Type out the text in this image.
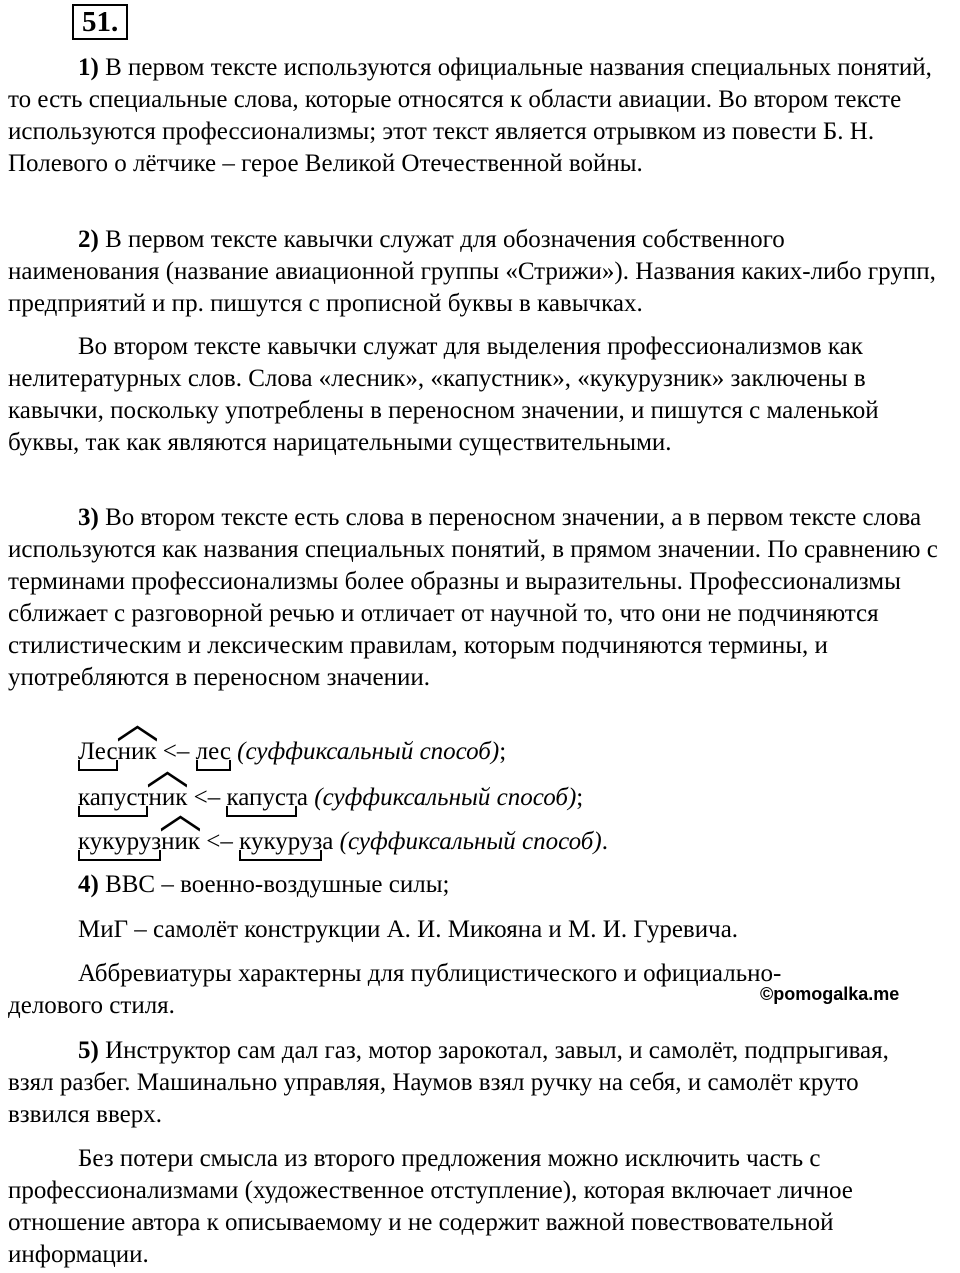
51.

1) В первом тексте используются официальные названия специальных понятий, то есть специальные слова, которые относятся к области авиации. Во втором тексте используются профессионализмы; этот текст является отрывком из повести Б. Н. Полевого о лётчике – герое Великой Отечественной войны.

2) В первом тексте кавычки служат для обозначения собственного наименования (название авиационной группы «Стрижи»). Названия каких-либо групп, предприятий и пр. пишутся с прописной буквы в кавычках.

Во втором тексте кавычки служат для выделения профессионализмов как нелитературных слов. Слова «лесник», «капустник», «кукурузник» заключены в кавычки, поскольку употреблены в переносном значении, и пишутся с маленькой буквы, так как являются нарицательными существительными.

3) Во втором тексте есть слова в переносном значении, а в первом тексте слова используются как названия специальных понятий, в прямом значении. По сравнению с терминами профессионализмы более образны и выразительны. Профессионализмы сближает с разговорной речью и отличает от научной то, что они не подчиняются стилистическим и лексическим правилам, которым подчиняются термины, и употребляются в переносном значении.

Лес
ник
<– лес
(суффиксальный способ);
капуст
ник
<– капуст
а (суффиксальный способ);
кукуруз
ник
<– кукуруз
а (суффиксальный способ).
4) ВВС – военно-воздушные силы;
МиГ – самолёт конструкции А. И. Микояна и М. И. Гуревича.

Аббревиатуры характерны для публицистического и официально-делового стиля.	©pomogalka.me

5) Инструктор сам дал газ, мотор зарокотал, завыл, и самолёт, подпрыгивая, взял разбег. Машинально управляя, Наумов взял ручку на себя, и самолёт круто взвился вверх.

Без потери смысла из второго предложения можно исключить часть с профессионализмами (художественное отступление), которая включает личное отношение автора к описываемому и не содержит важной повествовательной информации.
